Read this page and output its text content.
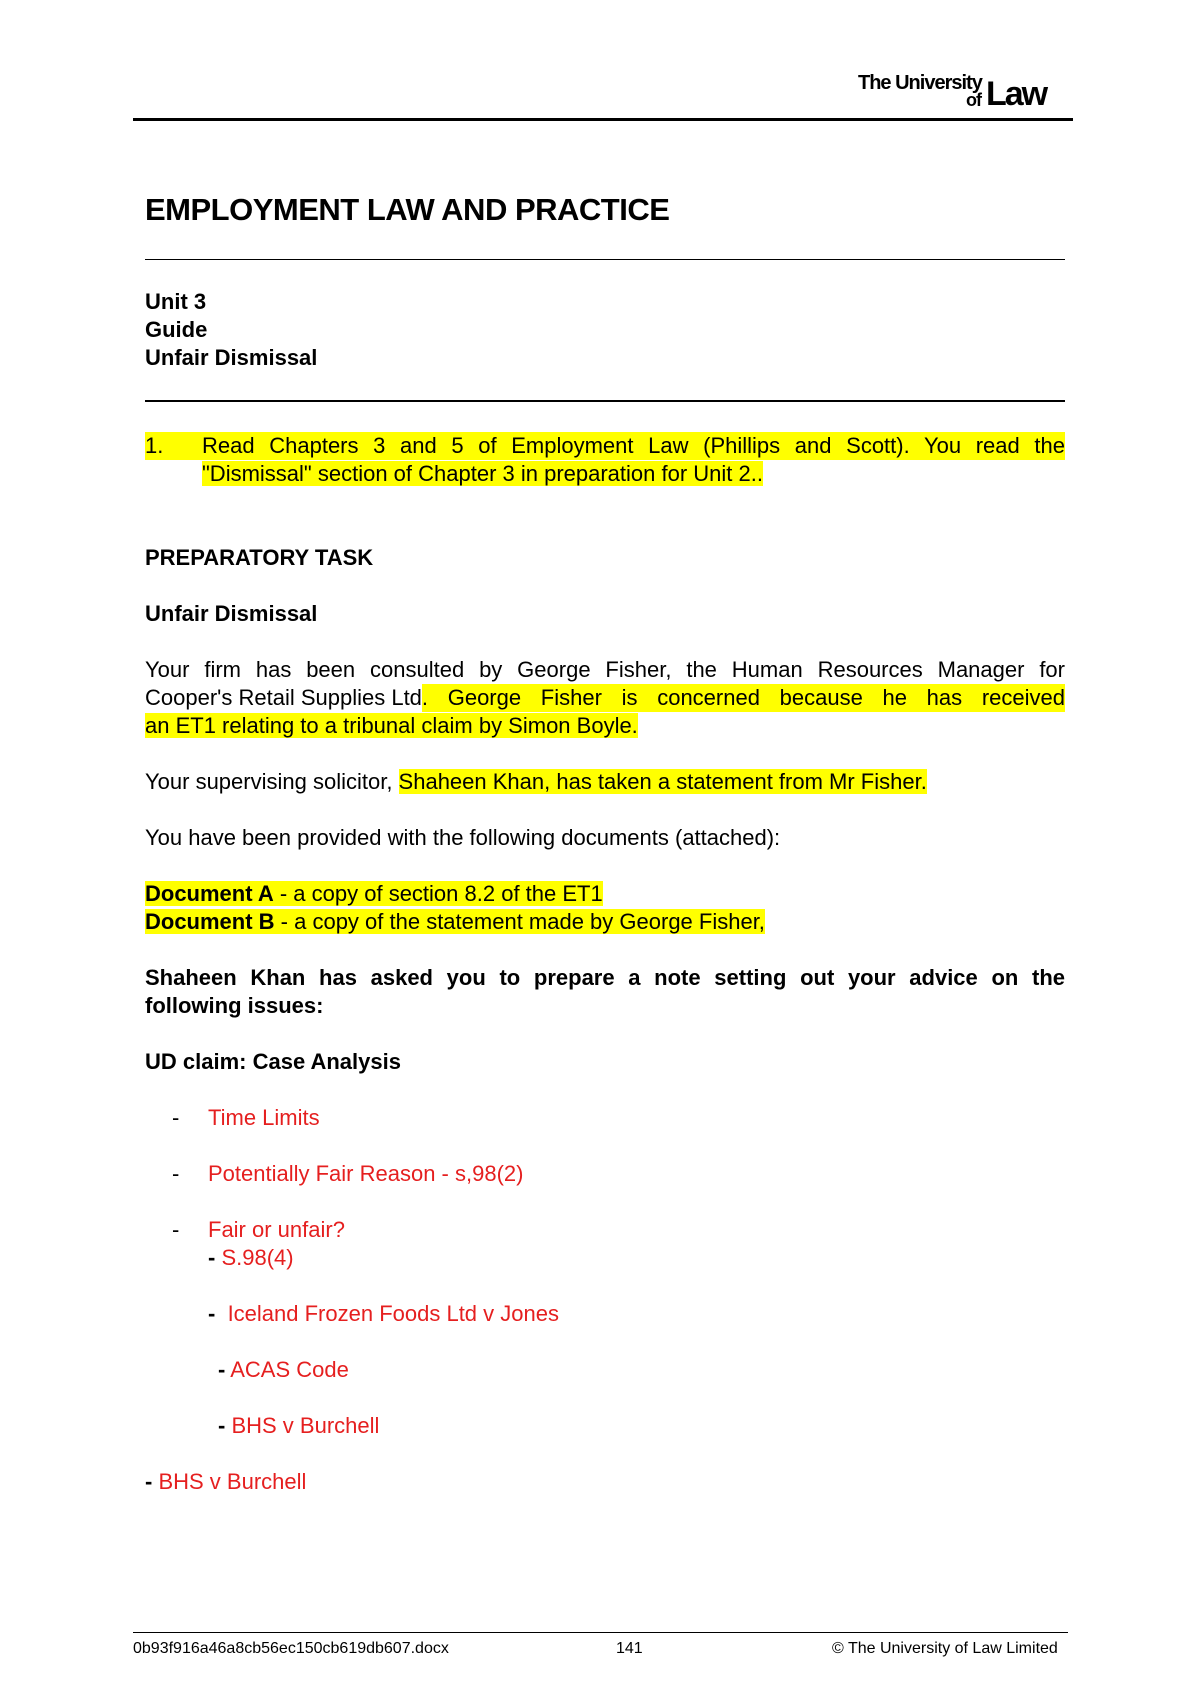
The University
of Law
EMPLOYMENT LAW AND PRACTICE
Unit 3
Guide
Unfair Dismissal
1.	Read Chapters 3 and 5 of Employment Law (Phillips and Scott). You read the
"Dismissal" section of Chapter 3 in preparation for Unit 2..
PREPARATORY TASK
Unfair Dismissal
Your firm has been consulted by George Fisher, the Human Resources Manager for
Cooper's Retail Supplies Ltd . George Fisher is concerned because he has received
an ET1 relating to a tribunal claim by Simon Boyle.
Your supervising solicitor, Shaheen Khan, has taken a statement from Mr Fisher.
You have been provided with the following documents (attached):
Document A - a copy of section 8.2 of the ET1
Document B - a copy of the statement made by George Fisher,
Shaheen Khan has asked you to prepare a note setting out your advice on the
following issues:
UD claim: Case Analysis
- Time Limits
- Potentially Fair Reason - s,98(2)
- Fair or unfair?
- S.98(4)
- Iceland Frozen Foods Ltd v Jones
- ACAS Code
- BHS v Burchell
- BHS v Burchell
0b93f916a46a8cb56ec150cb619db607.docx	141	© The University of Law Limited
